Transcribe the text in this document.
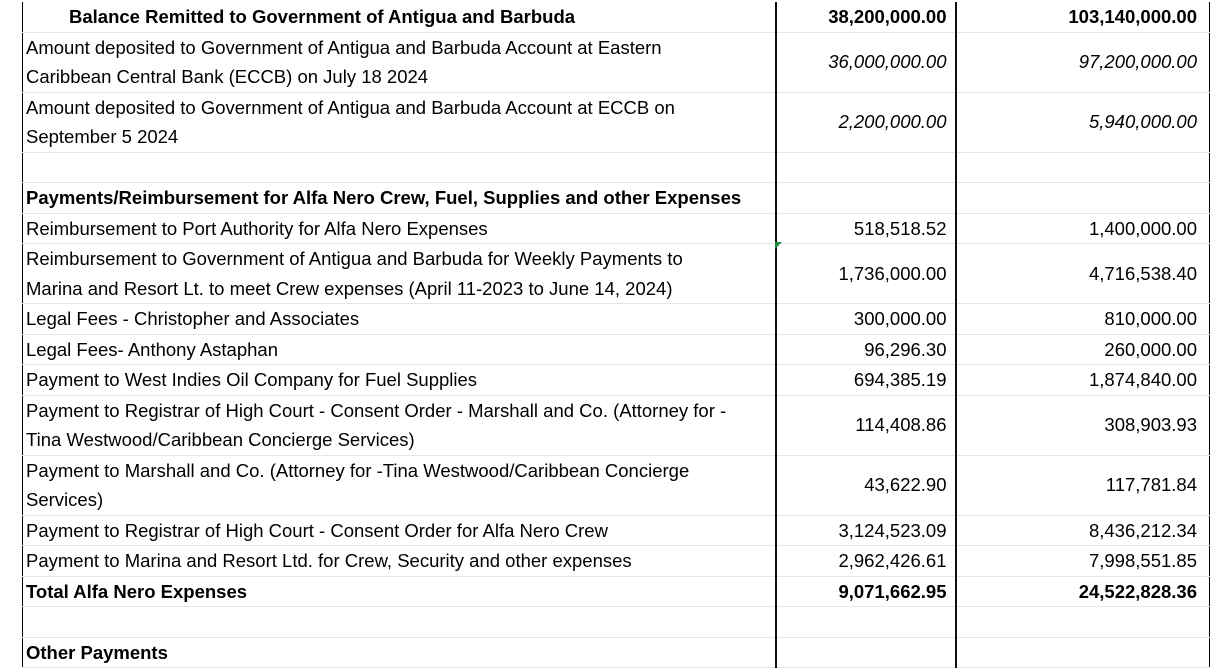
Balance Remitted to Government of Antigua and Barbuda	38,200,000.00	103,140,000.00
Amount deposited to Government of Antigua and Barbuda Account at Eastern
Caribbean Central Bank (ECCB) on July 18 2024	36,000,000.00	97,200,000.00
Amount deposited to Government of Antigua and Barbuda Account at ECCB on
September 5 2024	2,200,000.00	5,940,000.00

Payments/Reimbursement for Alfa Nero Crew, Fuel, Supplies and other Expenses		
Reimbursement to Port Authority for Alfa Nero Expenses	518,518.52	1,400,000.00
Reimbursement to Government of Antigua and Barbuda for Weekly Payments to
Marina and Resort Lt. to meet Crew expenses (April 11-2023 to June 14, 2024)	1,736,000.00	4,716,538.40
Legal Fees - Christopher and Associates	300,000.00	810,000.00
Legal Fees- Anthony Astaphan	96,296.30	260,000.00
Payment to West Indies Oil Company for Fuel Supplies	694,385.19	1,874,840.00
Payment to Registrar of High Court - Consent Order - Marshall and Co. (Attorney for -
Tina Westwood/Caribbean Concierge Services)	114,408.86	308,903.93
Payment to Marshall and Co. (Attorney for -Tina Westwood/Caribbean Concierge
Services)	43,622.90	117,781.84
Payment to Registrar of High Court - Consent Order for Alfa Nero Crew	3,124,523.09	8,436,212.34
Payment to Marina and Resort Ltd. for Crew, Security and other expenses	2,962,426.61	7,998,551.85
Total Alfa Nero Expenses	9,071,662.95	24,522,828.36

Other Payments		
